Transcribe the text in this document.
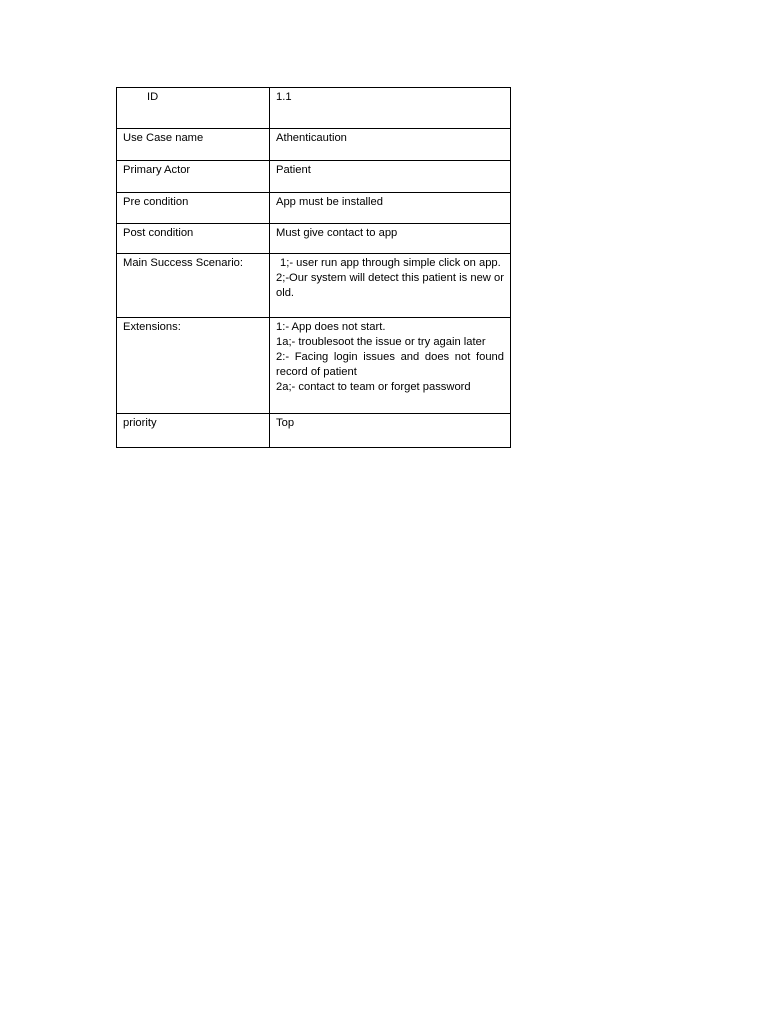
ID	1.1
Use Case name	Athenticaution
Primary Actor	Patient
Pre condition	App must be installed
Post condition	Must give contact to app
Main Success Scenario:	1;- user run app through simple click on app.
2;-Our system will detect this patient is new or old.

Extensions:	1:- App does not start.
1a;- troublesoot the issue or try again later
2:- Facing login issues and does not found record of patient
2a;- contact to team or forget password

priority	Top
